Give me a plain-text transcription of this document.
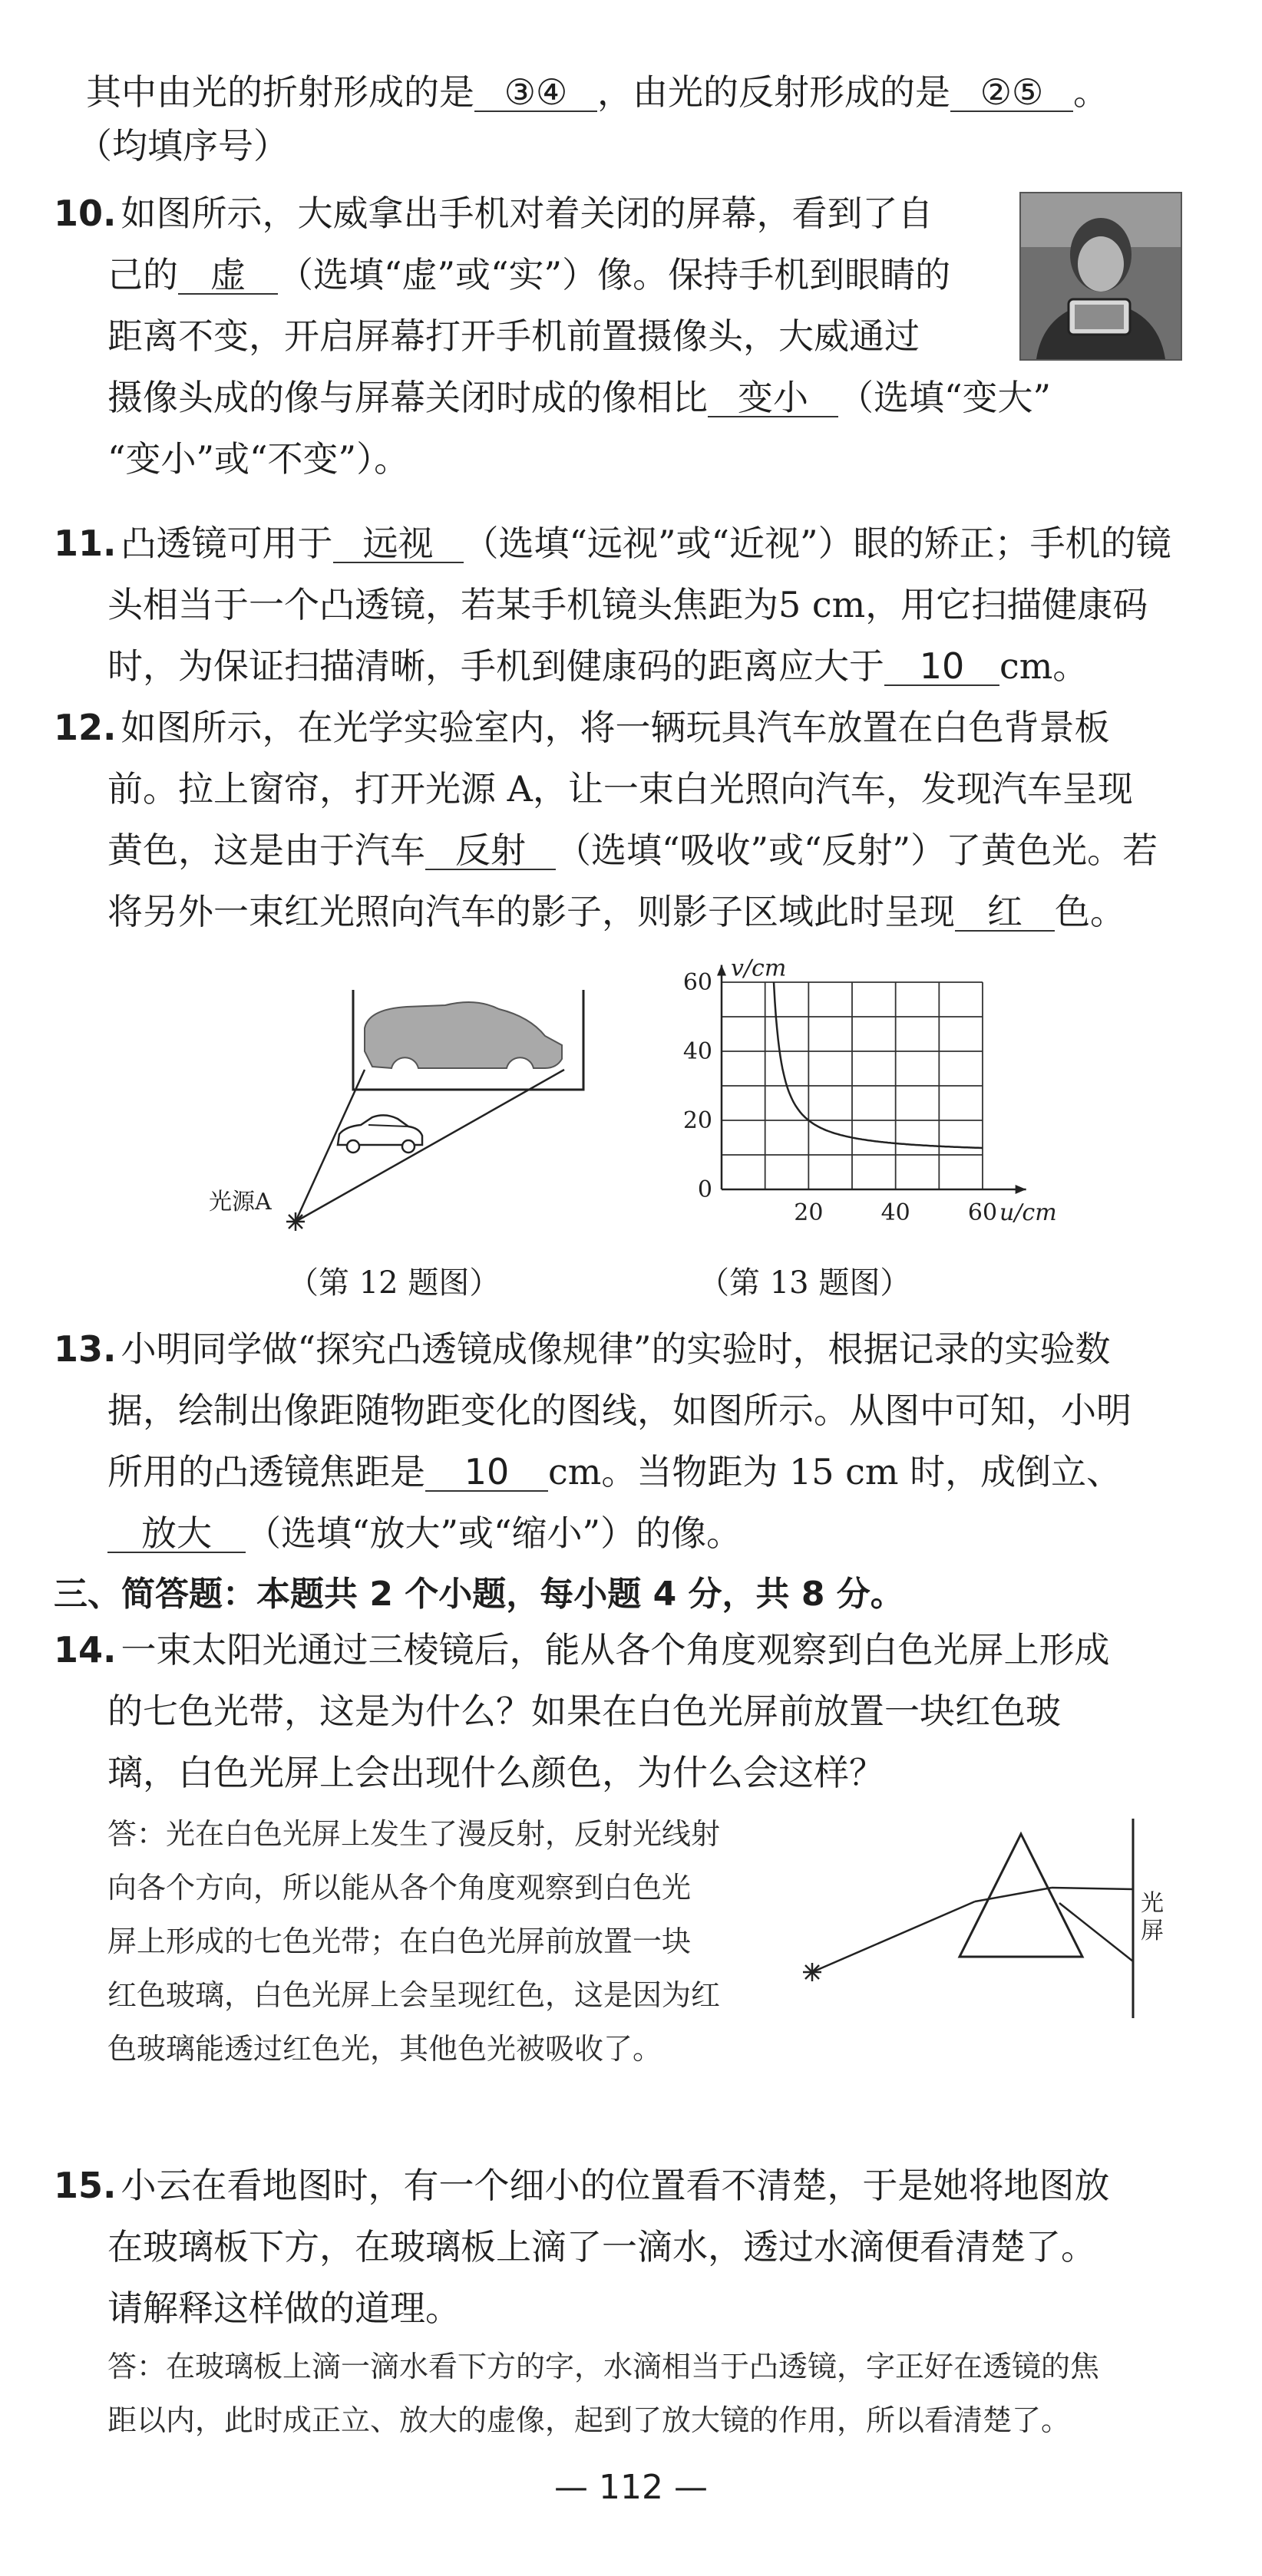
其中由光的折射形成的是 ③④ ，由光的反射形成的是 ②⑤ 。
（均填序号）
10. 如图所示，大威拿出手机对着关闭的屏幕，看到了自
己的 虚 （选填“虚”或“实”）像。保持手机到眼睛的
距离不变，开启屏幕打开手机前置摄像头，大威通过
摄像头成的像与屏幕关闭时成的像相比 变小 （选填“变大”
“变小”或“不变”）。
11. 凸透镜可用于 远视 （选填“远视”或“近视”）眼的矫正；手机的镜
头相当于一个凸透镜，若某手机镜头焦距为5 cm，用它扫描健康码
时，为保证扫描清晰，手机到健康码的距离应大于 10 cm。
12. 如图所示，在光学实验室内，将一辆玩具汽车放置在白色背景板
前。拉上窗帘，打开光源 A，让一束白光照向汽车，发现汽车呈现
黄色，这是由于汽车 反射 （选填“吸收”或“反射”）了黄色光。若
将另外一束红光照向汽车的影子，则影子区域此时呈现 红 色。
光源A
（第 12 题图）
20	40	60
0
20
40
60
v/cm
u/cm
（第 13 题图）
13. 小明同学做“探究凸透镜成像规律”的实验时，根据记录的实验数
据，绘制出像距随物距变化的图线，如图所示。从图中可知，小明
所用的凸透镜焦距是 10 cm。当物距为 15 cm 时，成倒立、
放大 （选填“放大”或“缩小”）的像。
三、简答题：本题共 2 个小题，每小题 4 分，共 8 分。
14. 一束太阳光通过三棱镜后，能从各个角度观察到白色光屏上形成
的七色光带，这是为什么？如果在白色光屏前放置一块红色玻
璃，白色光屏上会出现什么颜色，为什么会这样？
答：光在白色光屏上发生了漫反射，反射光线射
向各个方向，所以能从各个角度观察到白色光
屏上形成的七色光带；在白色光屏前放置一块
红色玻璃，白色光屏上会呈现红色，这是因为红
色玻璃能透过红色光，其他色光被吸收了。
光
屏
15. 小云在看地图时，有一个细小的位置看不清楚，于是她将地图放
在玻璃板下方，在玻璃板上滴了一滴水，透过水滴便看清楚了。
请解释这样做的道理。
答：在玻璃板上滴一滴水看下方的字，水滴相当于凸透镜，字正好在透镜的焦
距以内，此时成正立、放大的虚像，起到了放大镜的作用，所以看清楚了。
— 112 —
